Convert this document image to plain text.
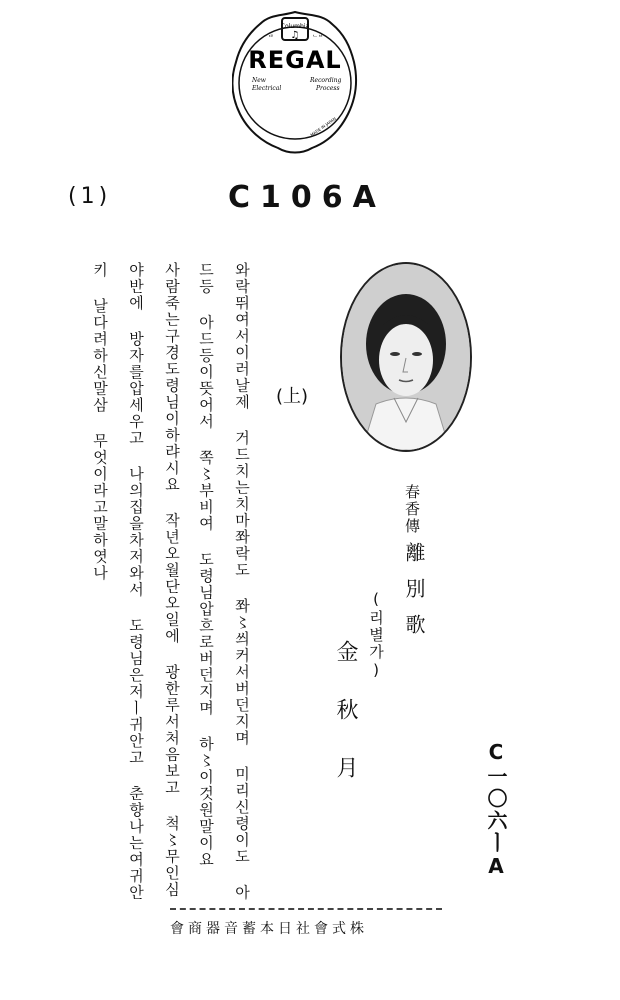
Columbia
♫
ᄃᄆ	ᄂᄇ
REGAL
New
Electrical
Recording
Process
MADE IN JAPAN
(1)	C106A
와락뛰여서이러날제 거드치는치마쫘락도 쫘〻씌커서버던지며 미리신령이도 아
드등 아드등이뜻어서 쪽〻부비여 도령님압흐로버던지며 하〻이것원말이요
사람죽는구경도령님이하랴시요 작년오월단오일에 광한루서처음보고 척〻무인심
야반에 방자를압세우고 나의집을차저와서 도령님은저ㅣ귀안고 춘향나는여귀안
키 날다려하신말삼 무엇이라고말하엿나	(上)
春香傳
離別歌
(리별가)
金秋月	C一〇六ㅣA
株式會社日本蓄音器商會
